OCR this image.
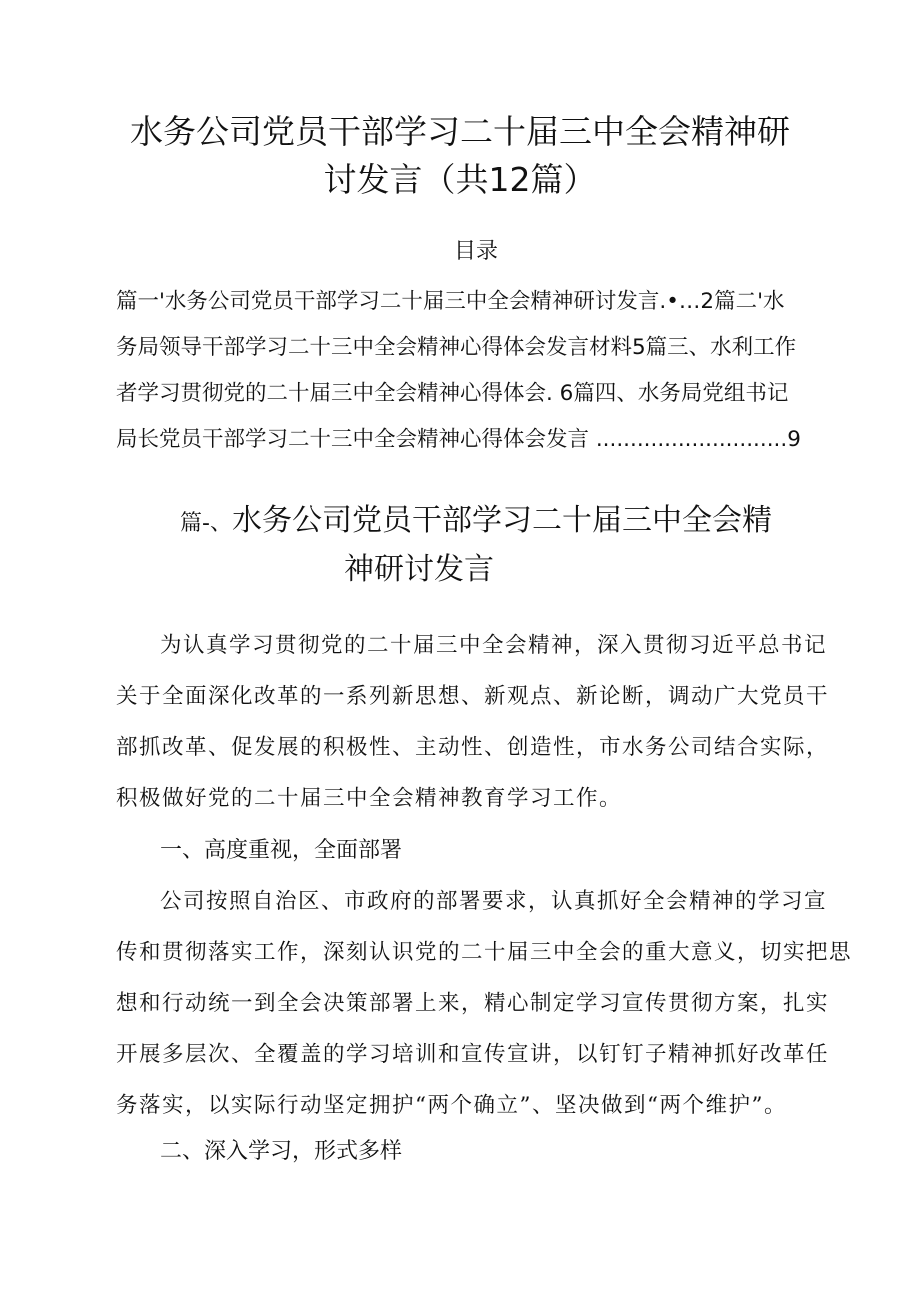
水务公司党员干部学习二十届三中全会精神研
讨发言（共12篇）
目录
篇一'水务公司党员干部学习二十届三中全会精神研讨发言.•…2篇二'水
务局领导干部学习二十三中全会精神心得体会发言材料5篇三、水利工作
者学习贯彻党的二十届三中全会精神心得体会. 6篇四、水务局党组书记
局长党员干部学习二十三中全会精神心得体会发言 ............................9
篇-、水务公司党员干部学习二十届三中全会精
神研讨发言
为认真学习贯彻党的二十届三中全会精神，深入贯彻习近平总书记
关于全面深化改革的一系列新思想、新观点、新论断，调动广大党员干
部抓改革、促发展的积极性、主动性、创造性，市水务公司结合实际，
积极做好党的二十届三中全会精神教育学习工作。
一、高度重视，全面部署
公司按照自治区、市政府的部署要求，认真抓好全会精神的学习宣
传和贯彻落实工作，深刻认识党的二十届三中全会的重大意义，切实把思
想和行动统一到全会决策部署上来，精心制定学习宣传贯彻方案，扎实
开展多层次、全覆盖的学习培训和宣传宣讲，以钉钉子精神抓好改革任
务落实，以实际行动坚定拥护“两个确立”、坚决做到“两个维护”。
二、深入学习，形式多样
